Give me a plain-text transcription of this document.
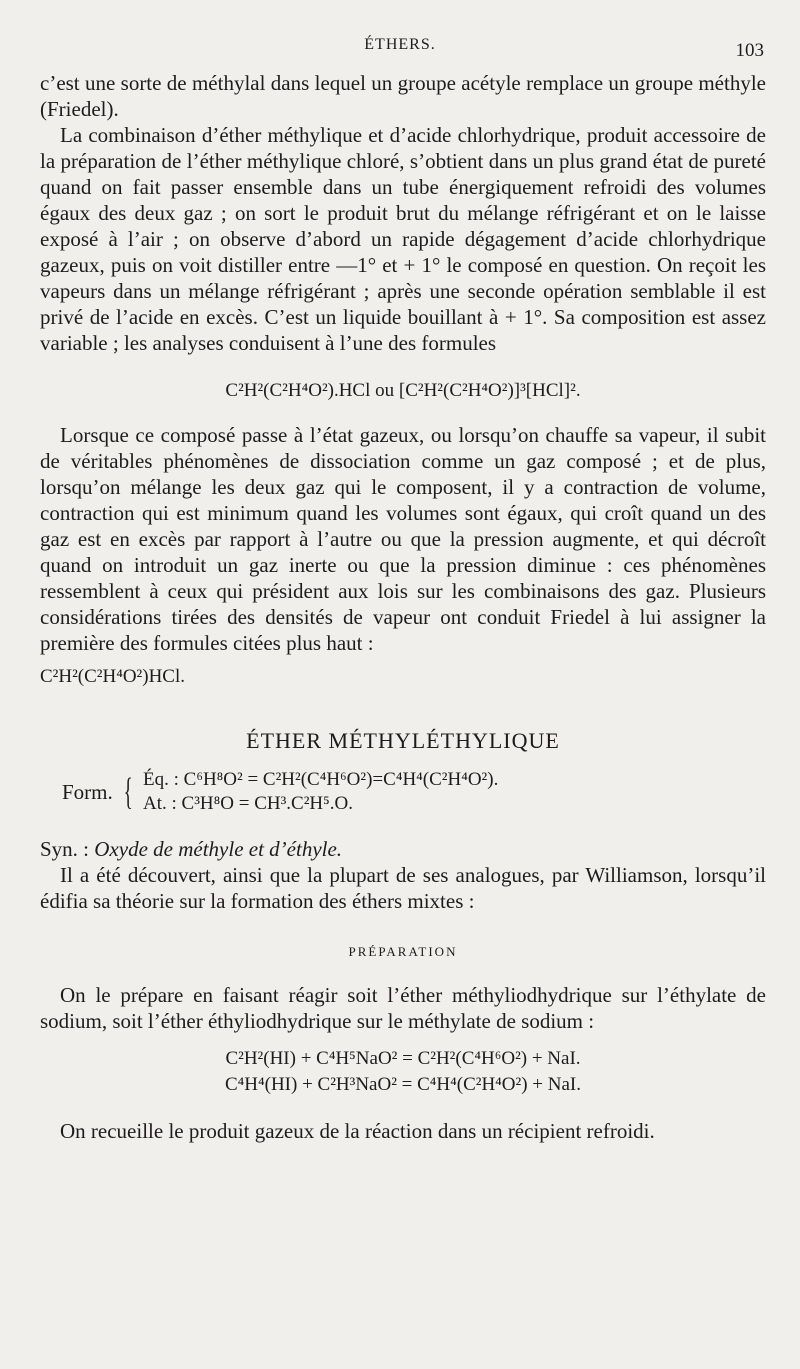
ÉTHERS.	103

c’est une sorte de méthylal dans lequel un groupe acétyle remplace un groupe méthyle (Friedel).

La combinaison d’éther méthylique et d’acide chlorhydrique, produit accessoire de la préparation de l’éther méthylique chloré, s’obtient dans un plus grand état de pureté quand on fait passer ensemble dans un tube énergiquement refroidi des volumes égaux des deux gaz ; on sort le produit brut du mélange réfrigérant et on le laisse exposé à l’air ; on observe d’abord un rapide dégagement d’acide chlorhydrique gazeux, puis on voit distiller entre —1° et + 1° le composé en question. On reçoit les vapeurs dans un mélange réfrigérant ; après une seconde opération semblable il est privé de l’acide en excès. C’est un liquide bouillant à + 1°. Sa composition est assez variable ; les analyses conduisent à l’une des formules

C²H²(C²H⁴O²).HCl ou [C²H²(C²H⁴O²)]³[HCl]².

Lorsque ce composé passe à l’état gazeux, ou lorsqu’on chauffe sa vapeur, il subit de véritables phénomènes de dissociation comme un gaz composé ; et de plus, lorsqu’on mélange les deux gaz qui le composent, il y a contraction de volume, contraction qui est minimum quand les volumes sont égaux, qui croît quand un des gaz est en excès par rapport à l’autre ou que la pression augmente, et qui décroît quand on introduit un gaz inerte ou que la pression diminue : ces phénomènes ressemblent à ceux qui président aux lois sur les combinaisons des gaz. Plusieurs considérations tirées des densités de vapeur ont conduit Friedel à lui assigner la première des formules citées plus haut :

C²H²(C²H⁴O²)HCl.
ÉTHER MÉTHYLÉTHYLIQUE
Form. { Éq. : C⁶H⁸O² = C²H²(C⁴H⁶O²)=C⁴H⁴(C²H⁴O²).
At. : C³H⁸O = CH³.C²H⁵.O.

Syn. : Oxyde de méthyle et d’éthyle.

Il a été découvert, ainsi que la plupart de ses analogues, par Williamson, lorsqu’il édifia sa théorie sur la formation des éthers mixtes :

PRÉPARATION

On le prépare en faisant réagir soit l’éther méthyliodhydrique sur l’éthylate de sodium, soit l’éther éthyliodhydrique sur le méthylate de sodium :

C²H²(HI) + C⁴H⁵NaO² = C²H²(C⁴H⁶O²) + NaI.
C⁴H⁴(HI) + C²H³NaO² = C⁴H⁴(C²H⁴O²) + NaI.

On recueille le produit gazeux de la réaction dans un récipient refroidi.
